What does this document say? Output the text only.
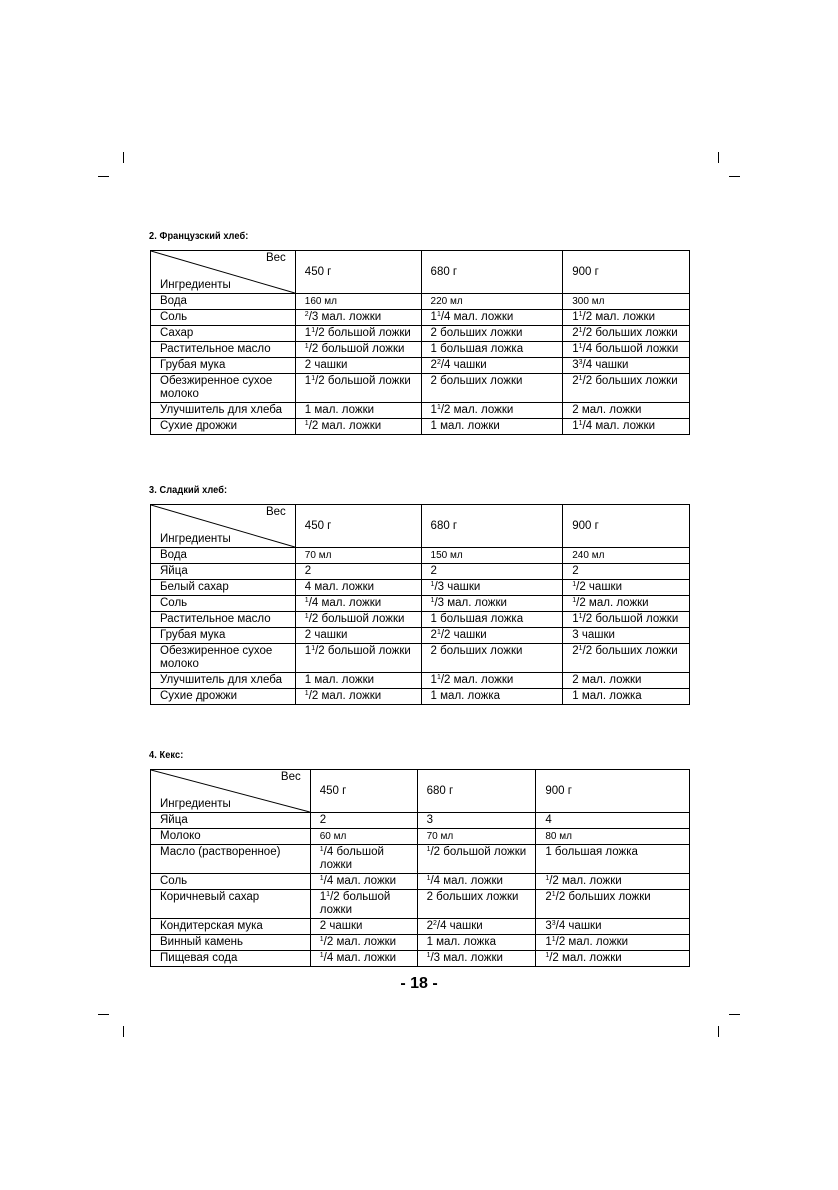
2. Французский хлеб:
Вес
Ингредиенты	450 г	680 г	900 г
Вода	160 мл	220 мл	300 мл
Соль	$^2$/3 мал. ложки	$1^1/4$ мал. ложки	$1^1/2$ мал. ложки
Сахар	$1^1/2$ большой ложки	2 больших ложки	$2^1/2$ больших ложки
Растительное масло	$^1$/2 большой ложки	1 большая ложка	$1^1/4$ большой ложки
Грубая мука	2 чашки	$2^2/4$ чашки	$3^3/4$ чашки
Обезжиренное сухое молоко	$1^1/2$ большой ложки	2 больших ложки	$2^1/2$ больших ложки
Улучшитель для хлеба	1 мал. ложки	$1^1/2$ мал. ложки	2 мал. ложки
Сухие дрожжи	$^1$/2 мал. ложки	1 мал. ложки	$1^1/4$ мал. ложки
3. Сладкий хлеб:
Вес
Ингредиенты	450 г	680 г	900 г
Вода	70 мл	150 мл	240 мл
Яйца	2	2	2
Белый сахар	4 мал. ложки	$^1$/3 чашки	$^1$/2 чашки
Соль	$^1$/4 мал. ложки	$^1$/3 мал. ложки	$^1$/2 мал. ложки
Растительное масло	$^1$/2 большой ложки	1 большая ложка	$1^1/2$ большой ложки
Грубая мука	2 чашки	$2^1/2$ чашки	3 чашки
Обезжиренное сухое молоко	$1^1/2$ большой ложки	2 больших ложки	$2^1/2$ больших ложки
Улучшитель для хлеба	1 мал. ложки	$1^1/2$ мал. ложки	2 мал. ложки
Сухие дрожжи	$^1$/2 мал. ложки	1 мал. ложка	1 мал. ложка
4. Кекс:
Вес
Ингредиенты	450 г	680 г	900 г
Яйца	2	3	4
Молоко	60 мл	70 мл	80 мл
Масло (растворенное)	$^1$/4 большой ложки	$^1$/2 большой ложки	1 большая ложка
Соль	$^1$/4 мал. ложки	$^1$/4 мал. ложки	$^1$/2 мал. ложки
Коричневый сахар	$1^1/2$ большой ложки	2 больших ложки	$2^1/2$ больших ложки
Кондитерская мука	2 чашки	$2^2/4$ чашки	$3^3/4$ чашки
Винный камень	$^1$/2 мал. ложки	1 мал. ложка	$1^1/2$ мал. ложки
Пищевая сода	$^1$/4 мал. ложки	$^1$/3 мал. ложки	$^1$/2 мал. ложки
- 18 -
